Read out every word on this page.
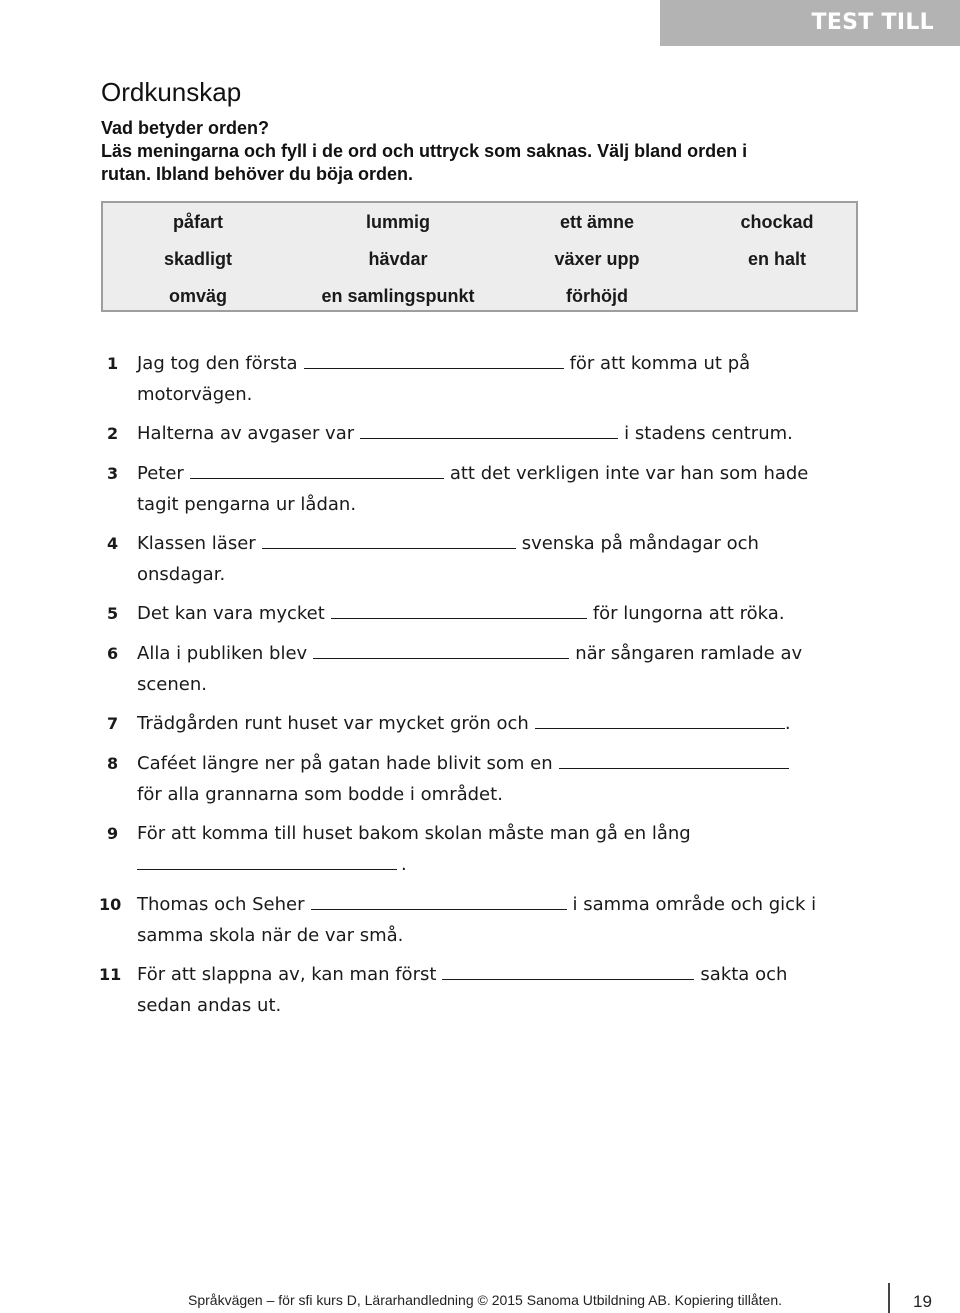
TEST TILL INSÄNDARE
Ordkunskap
Vad betyder orden?
Läs meningarna och fyll i de ord och uttryck som saknas. Välj bland orden i
rutan. Ibland behöver du böja orden.
påfart	lummig	ett ämne	chockad
skadligt	hävdar	växer upp	en halt
omväg	en samlingspunkt	förhöjd
1 Jag tog den första	för att komma ut på
motorvägen.
2 Halterna av avgaser var	i stadens centrum.
3 Peter	att det verkligen inte var han som hade
tagit pengarna ur lådan.
4 Klassen läser	svenska på måndagar och
onsdagar.
5 Det kan vara mycket	för lungorna att röka.
6 Alla i publiken blev	när sångaren ramlade av
scenen.
7 Trädgården runt huset var mycket grön och	.
8 Caféet längre ner på gatan hade blivit som en
för alla grannarna som bodde i området.
9 För att komma till huset bakom skolan måste man gå en lång
.
10 Thomas och Seher	i samma område och gick i
samma skola när de var små.
11 För att slappna av, kan man först	sakta och
sedan andas ut.
Språkvägen – för sfi kurs D, Lärarhandledning © 2015 Sanoma Utbildning AB. Kopiering tillåten.	19
